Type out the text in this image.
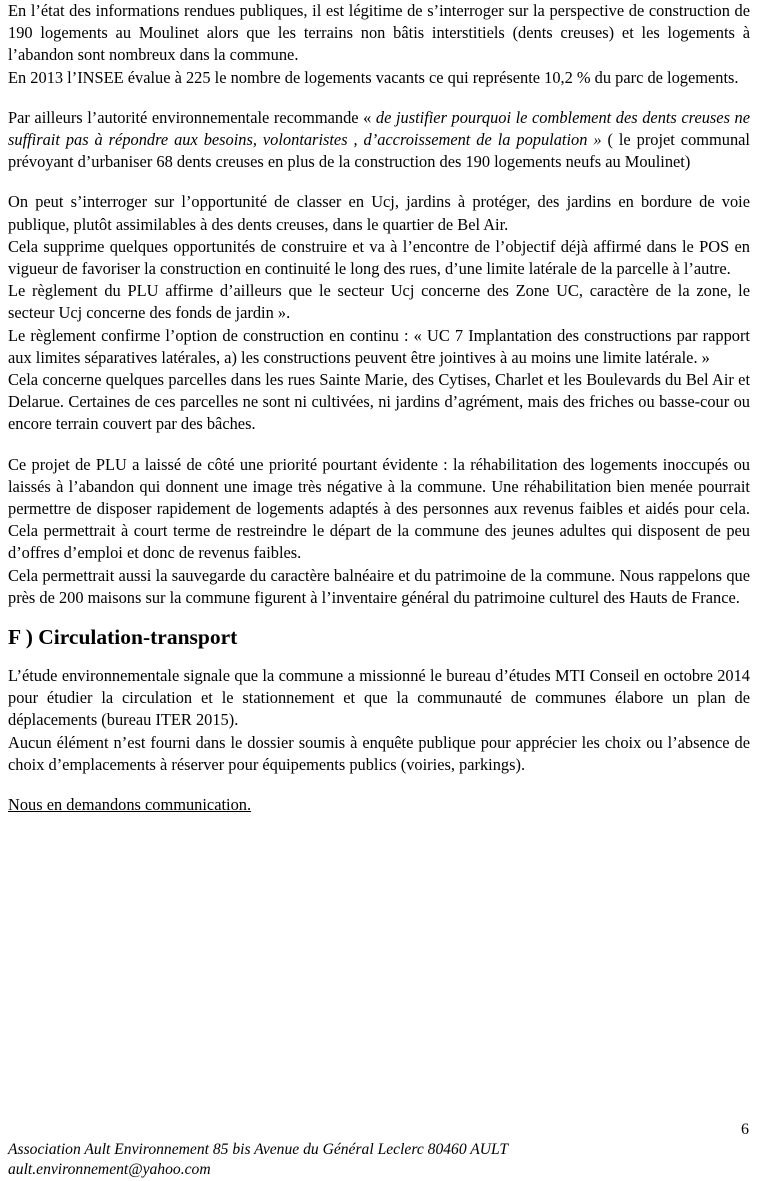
En l’état des informations rendues publiques, il est légitime de s’interroger sur la perspective de construction de 190 logements au Moulinet alors que les terrains non bâtis interstitiels (dents creuses) et les logements à l’abandon sont nombreux dans la commune.

En 2013 l’INSEE évalue à 225 le nombre de logements vacants ce qui représente 10,2 % du parc de logements.

Par ailleurs l’autorité environnementale recommande « de justifier pourquoi le comblement des dents creuses ne suffirait pas à répondre aux besoins, volontaristes , d’accroissement de la population » ( le projet communal prévoyant d’urbaniser 68 dents creuses en plus de la construction des 190 logements neufs au Moulinet)

On peut s’interroger sur l’opportunité de classer en Ucj, jardins à protéger, des jardins en bordure de voie publique, plutôt assimilables à des dents creuses, dans le quartier de Bel Air.

Cela supprime quelques opportunités de construire et va à l’encontre de l’objectif déjà affirmé dans le POS en vigueur de favoriser la construction en continuité le long des rues, d’une limite latérale de la parcelle à l’autre.

Le règlement du PLU affirme d’ailleurs que le secteur Ucj concerne des Zone UC, caractère de la zone, le secteur Ucj concerne des fonds de jardin ».

Le règlement confirme l’option de construction en continu : « UC 7 Implantation des constructions par rapport aux limites séparatives latérales, a) les constructions peuvent être jointives à au moins une limite latérale. »

Cela concerne quelques parcelles dans les rues Sainte Marie, des Cytises, Charlet et les Boulevards du Bel Air et Delarue. Certaines de ces parcelles ne sont ni cultivées, ni jardins d’agrément, mais des friches ou basse-cour ou encore terrain couvert par des bâches.

Ce projet de PLU a laissé de côté une priorité pourtant évidente : la réhabilitation des logements inoccupés ou laissés à l’abandon qui donnent une image très négative à la commune. Une réhabilitation bien menée pourrait permettre de disposer rapidement de logements adaptés à des personnes aux revenus faibles et aidés pour cela. Cela permettrait à court terme de restreindre le départ de la commune des jeunes adultes qui disposent de peu d’offres d’emploi et donc de revenus faibles.

Cela permettrait aussi la sauvegarde du caractère balnéaire et du patrimoine de la commune. Nous rappelons que près de 200 maisons sur la commune figurent à l’inventaire général du patrimoine culturel des Hauts de France.

F ) Circulation-transport

L’étude environnementale signale que la commune a missionné le bureau d’études MTI Conseil en octobre 2014 pour étudier la circulation et le stationnement et que la communauté de communes élabore un plan de déplacements (bureau ITER 2015).

Aucun élément n’est fourni dans le dossier soumis à enquête publique pour apprécier les choix ou l’absence de choix d’emplacements à réserver pour équipements publics (voiries, parkings).

Nous en demandons communication.

6
Association Ault Environnement 85 bis Avenue du Général Leclerc 80460 AULT
ault.environnement@yahoo.com
